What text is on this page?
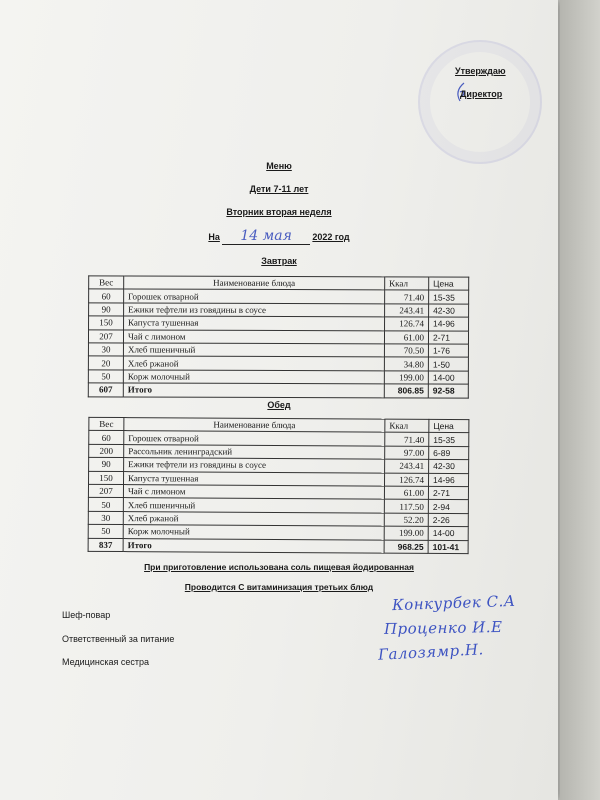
Утверждаю
Директор
Меню
Дети 7-11 лет
Вторник вторая неделя
На 14 мая 2022 год
Завтрак
Вес	Наименование блюда	Ккал	Цена
60	Горошек отварной	71.40	15-35
90	Ежики тефтели из говядины в соусе	243.41	42-30
150	Капуста тушенная	126.74	14-96
207	Чай с лимоном	61.00	2-71
30	Хлеб пшеничный	70.50	1-76
20	Хлеб ржаной	34.80	1-50
50	Корж молочный	199.00	14-00
607	Итого	806.85	92-58
Обед
Вес	Наименование блюда	Ккал	Цена
60	Горошек отварной	71.40	15-35
200	Рассольник ленинградский	97.00	6-89
90	Ежики тефтели из говядины в соусе	243.41	42-30
150	Капуста тушенная	126.74	14-96
207	Чай с лимоном	61.00	2-71
50	Хлеб пшеничный	117.50	2-94
30	Хлеб ржаной	52.20	2-26
50	Корж молочный	199.00	14-00
837	Итого	968.25	101-41
При приготовление использована соль пищевая йодированная
Проводится С витаминизация третьих блюд
Шеф-повар
Ответственный за питание
Медицинская сестра
Конкурбек С.А
Проценко И.Е
Галозямр.Н.
